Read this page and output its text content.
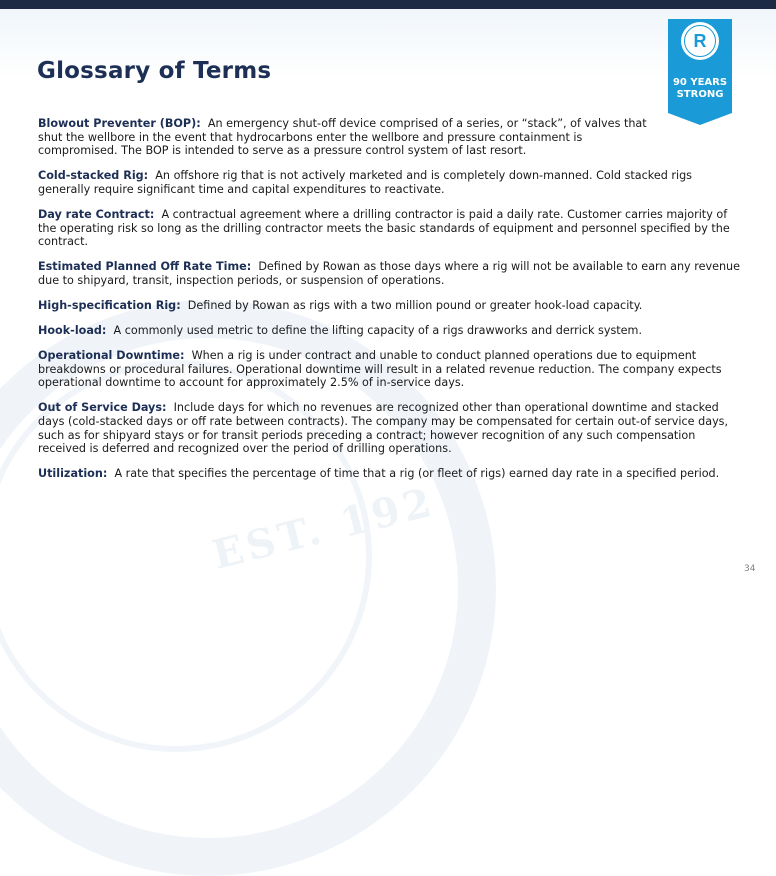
EST. 192
Glossary of Terms
R
90 YEARS
STRONG

Blowout Preventer (BOP): An emergency shut-off device comprised of a series, or “stack”, of valves that shut the wellbore in the event that hydrocarbons enter the wellbore and pressure containment is compromised. The BOP is intended to serve as a pressure control system of last resort.

Cold-stacked Rig: An offshore rig that is not actively marketed and is completely down-manned. Cold stacked rigs generally require significant time and capital expenditures to reactivate.

Day rate Contract: A contractual agreement where a drilling contractor is paid a daily rate. Customer carries majority of the operating risk so long as the drilling contractor meets the basic standards of equipment and personnel specified by the contract.

Estimated Planned Off Rate Time: Defined by Rowan as those days where a rig will not be available to earn any revenue due to shipyard, transit, inspection periods, or suspension of operations.

High-specification Rig: Defined by Rowan as rigs with a two million pound or greater hook-load capacity.

Hook-load: A commonly used metric to define the lifting capacity of a rigs drawworks and derrick system.

Operational Downtime: When a rig is under contract and unable to conduct planned operations due to equipment breakdowns or procedural failures. Operational downtime will result in a related revenue reduction. The company expects operational downtime to account for approximately 2.5% of in-service days.

Out of Service Days: Include days for which no revenues are recognized other than operational downtime and stacked days (cold-stacked days or off rate between contracts). The company may be compensated for certain out-of service days, such as for shipyard stays or for transit periods preceding a contract; however recognition of any such compensation received is deferred and recognized over the period of drilling operations.

Utilization: A rate that specifies the percentage of time that a rig (or fleet of rigs) earned day rate in a specified period.

34
